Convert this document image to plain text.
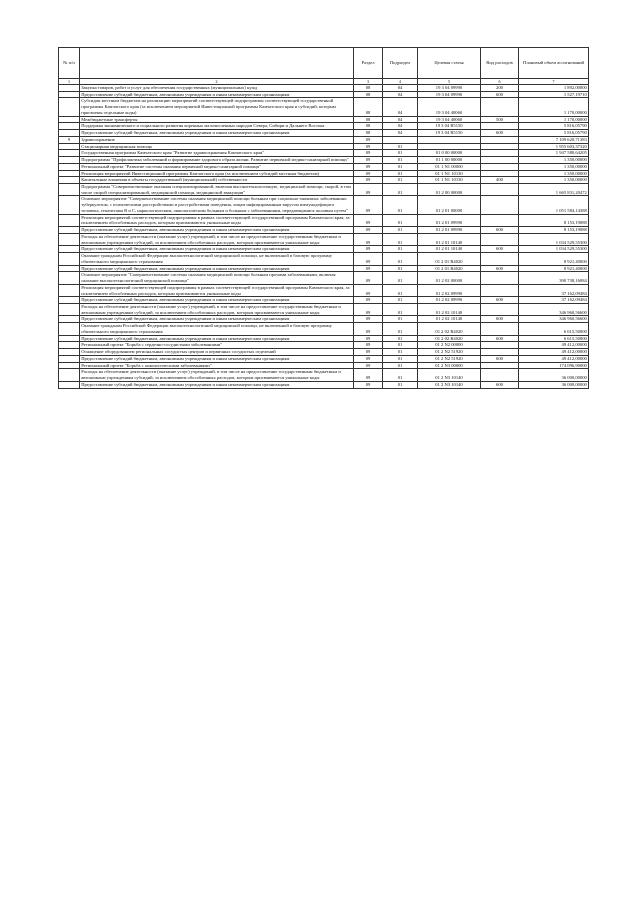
№ п/п		Раздел	Подраздел	Целевая статья	Вид расходов	Плановый объем ассигнований
1	2	3	4	5	6	7
	Закупка товаров, работ и услуг для обеспечения государственных (муниципальных) нужд	08	04	19 3 04 09990	200	1 892,00000
	Предоставление субсидий бюджетным, автономным учреждениям и иным некоммерческим организациям	08	04	19 3 04 09990	600	1 527,19710
	Субсидии местным бюджетам на реализацию мероприятий соответствующей подпрограммы соответствующей государственной программы Камчатского края (за исключением мероприятий Инвестиционной программы Камчатского края и субсидий, которым присвоены отдельные коды)	08	04	19 3 04 40060		1 170,00000
	Межбюджетные трансферты	08	04	19 3 04 40060	500	1 170,00000
	Поддержка экономического и социального развития коренных малочисленных народов Севера, Сибири и Дальнего Востока	08	04	19 3 04 R5150		5 816,05790
	Предоставление субсидий бюджетным, автономным учреждениям и иным некоммерческим организациям	08	04	19 3 04 R5150	600	5 816,05790
9	Здравоохранение	09				7 109 620,71383
	Стационарная медицинская помощь	09	01			1 955 603,37320
	Государственная программа Камчатского края "Развитие здравоохранения Камчатского края"	09	01	01 0 00 00000		1 947 580,64205
	Подпрограмма "Профилактика заболеваний и формирование здорового образа жизни. Развитие первичной медико-санитарной помощи"	09	01	01 1 00 00000		1 350,00000
	Региональный проект "Развитие системы оказания первичной медико-санитарной помощи"	09	01	01 1 N1 00000		1 350,00000
	Реализация мероприятий Инвестиционной программы Камчатского края (за исключением субсидий местным бюджетам)	09	01	01 1 N1 10130		1 350,00000
	Капитальные вложения в объекты государственной (муниципальной) собственности	09	01	01 1 N1 10130	400	1 350,00000
	Подпрограмма "Совершенствование оказания специализированной, включая высокотехнологичную, медицинской помощи, скорой, в том числе скорой специализированной, медицинской помощи, медицинской эвакуации"	09	01	01 2 00 00000		1 665 831,20472
	Основное мероприятие "Совершенствование системы оказания медицинской помощи больным при социально-значимых заболеваниях: туберкулезом, с психическими расстройствами и расстройствами поведения, лицам инфицированным вирусом иммунодефицита человека, гепатитами В и С, наркологическим, онкологическим больным и больным с заболеваниями, передающимися половым путем"	09	01	01 2 01 00000		1 051 584,14388
	Реализация мероприятий соответствующей подпрограммы в рамках соответствующей государственной программы Камчатского края, за исключением обособленных расходов, которым присваиваются уникальные коды	09	01	01 2 01 09990		8 153,19088
	Предоставление субсидий бюджетным, автономным учреждениям и иным некоммерческим организациям	09	01	01 2 01 09990	600	8 153,19088
	Расходы на обеспечение деятельности (оказание услуг) учреждений, в том числе на предоставление государственным бюджетным и автономным учреждениям субсидий, за исключением обособленных расходов, которым присваиваются уникальные коды	09	01	01 2 01 10140		1 034 529,55300
	Предоставление субсидий бюджетным, автономным учреждениям и иным некоммерческим организациям	09	01	01 2 01 10140	600	1 034 529,55300
	Оказание гражданам Российской Федерации высокотехнологичной медицинской помощи, не включенной в базовую программу обязательного медицинского страхования	09	01	01 2 01 R4020		8 921,40000
	Предоставление субсидий бюджетным, автономным учреждениям и иным некоммерческим организациям	09	01	01 2 01 R4020	600	8 921,40000
	Основное мероприятие "Совершенствование системы оказания медицинской помощи больным прочими заболеваниями, включая оказание высокотехнологичной медицинской помощи"	09	01	01 2 02 00000		390 738,16084
	Реализация мероприятий соответствующей подпрограммы в рамках соответствующей государственной программы Камчатского края, за исключением обособленных расходов, которым присваиваются уникальные коды	09	01	01 2 02 09990		37 162,09484
	Предоставление субсидий бюджетным, автономным учреждениям и иным некоммерческим организациям	09	01	01 2 02 09990	600	37 162,09484
	Расходы на обеспечение деятельности (оказание услуг) учреждений, в том числе на предоставление государственным бюджетным и автономным учреждениям субсидий, за исключением обособленных расходов, которым присваиваются уникальные коды	09	01	01 2 02 10140		346 960,56600
	Предоставление субсидий бюджетным, автономным учреждениям и иным некоммерческим организациям	09	01	01 2 02 10140	600	346 960,56600
	Оказание гражданам Российской Федерации высокотехнологичной медицинской помощи, не включенной в базовую программу обязательного медицинского страхования	09	01	01 2 02 R4020		6 615,50000
	Предоставление субсидий бюджетным, автономным учреждениям и иным некоммерческим организациям	09	01	01 2 02 R4020	600	6 615,50000
	Региональный проект "Борьба с сердечно-сосудистыми заболеваниями"	09	01	01 2 N2 00000		49 412,00000
	Оснащение оборудованием региональных сосудистых центров и первичных сосудистых отделений	09	01	01 2 N2 51920		49 412,00000
	Предоставление субсидий бюджетным, автономным учреждениям и иным некоммерческим организациям	09	01	01 2 N2 51920	600	49 412,00000
	Региональный проект "Борьба с онкологическими заболеваниями"	09	01	01 2 N3 00000		174 096,90000
	Расходы на обеспечение деятельности (оказание услуг) учреждений, в том числе на предоставление государственным бюджетным и автономным учреждениям субсидий, за исключением обособленных расходов, которым присваиваются уникальные коды	09	01	01 2 N3 10140		36 000,00000
	Предоставление субсидий бюджетным, автономным учреждениям и иным некоммерческим организациям	09	01	01 2 N3 10140	600	36 000,00000
